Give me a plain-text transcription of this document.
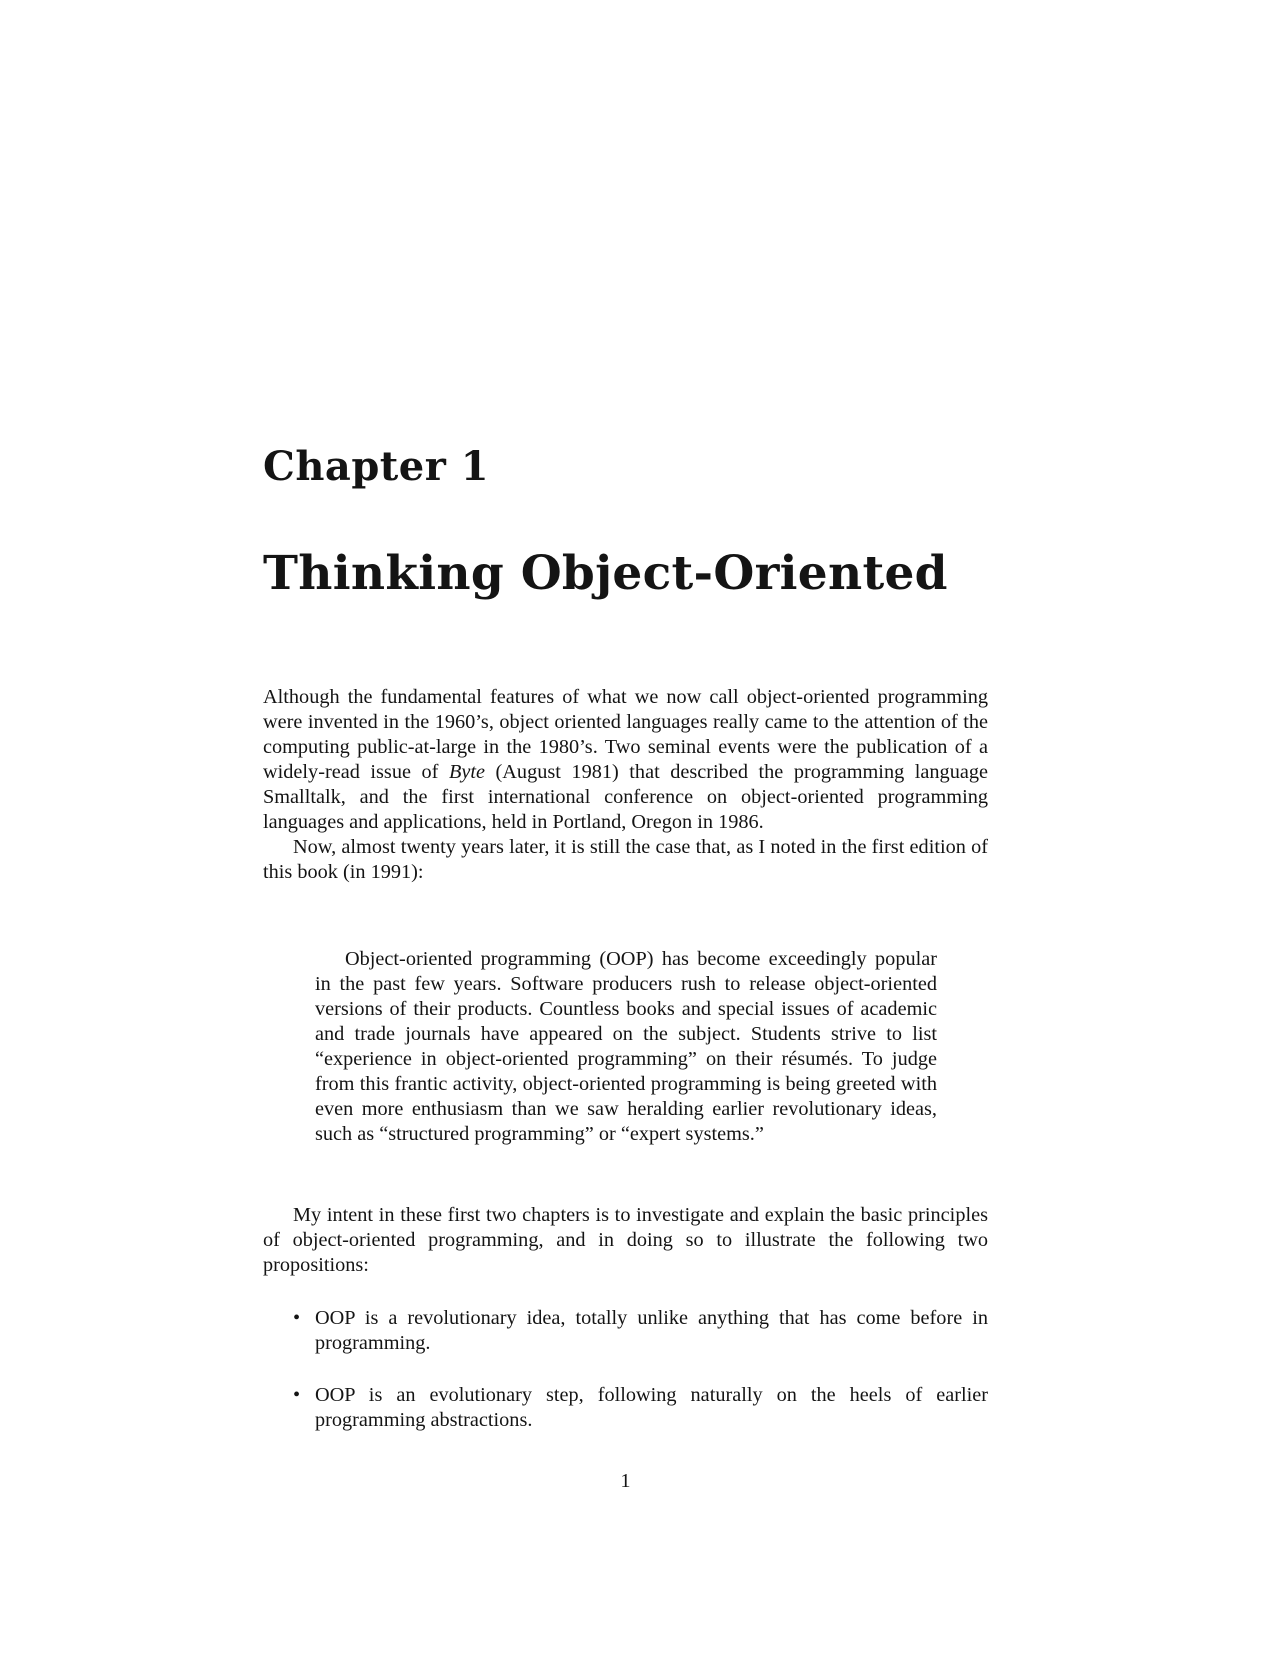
Chapter 1
Thinking Object-Oriented

Although the fundamental features of what we now call object-oriented programming were invented in the 1960’s, object oriented languages really came to the attention of the computing public-at-large in the 1980’s. Two seminal events were the publication of a widely-read issue of Byte (August 1981) that described the programming language Smalltalk, and the first international conference on object-oriented programming languages and applications, held in Portland, Oregon in 1986.

Now, almost twenty years later, it is still the case that, as I noted in the first edition of this book (in 1991):

Object-oriented programming (OOP) has become exceedingly popular in the past few years. Software producers rush to release object-oriented versions of their products. Countless books and special issues of academic and trade journals have appeared on the subject. Students strive to list “experience in object-oriented programming” on their résumés. To judge from this frantic activity, object-oriented programming is being greeted with even more enthusiasm than we saw heralding earlier revolutionary ideas, such as “structured programming” or “expert systems.”

My intent in these first two chapters is to investigate and explain the basic principles of object-oriented programming, and in doing so to illustrate the following two propositions:

• OOP is a revolutionary idea, totally unlike anything that has come before in programming.

• OOP is an evolutionary step, following naturally on the heels of earlier programming abstractions.

1
